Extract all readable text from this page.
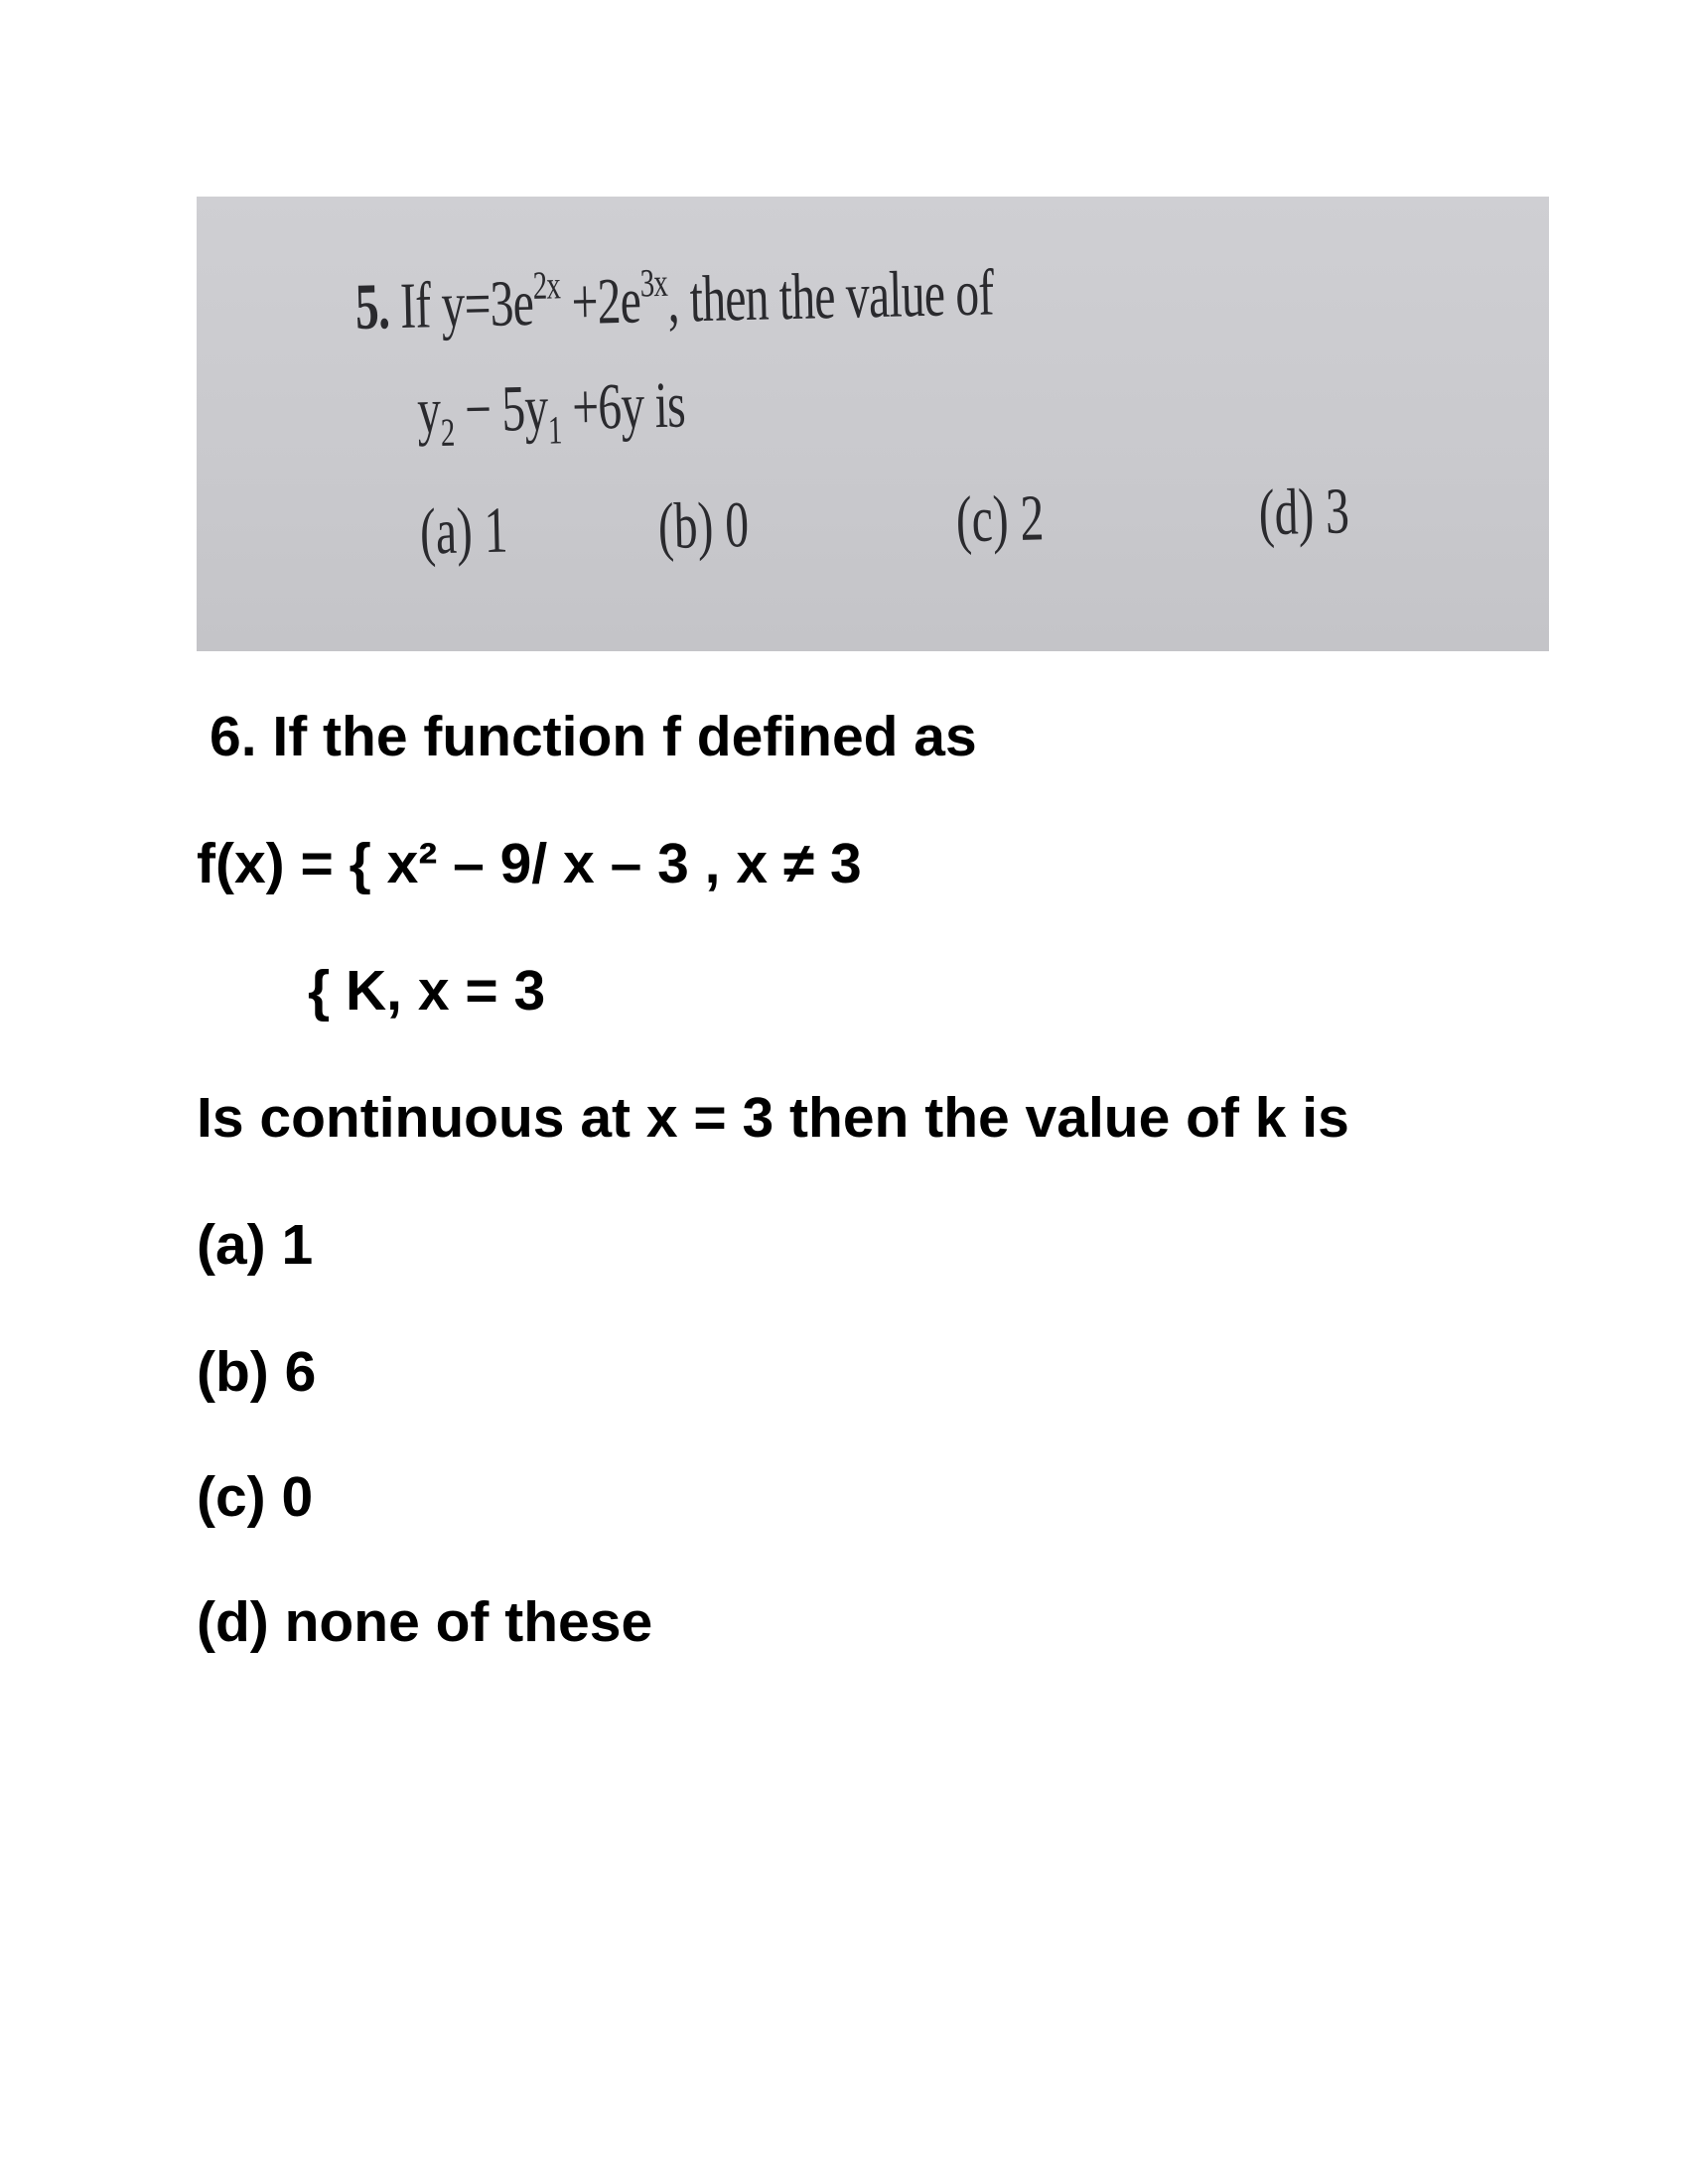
5. If $y=3e^{2x} +2e^{3x}$, then the value of
$y_2 - 5y_1 +6y$ is
(a) 1 (b) 0	(c) 2	(d) 3
6. If the function f defined as
f(x) = { x² – 9/ x – 3 , x ≠ 3
{ K, x = 3
Is continuous at x = 3 then the value of k is
(a) 1
(b) 6
(c) 0
(d) none of these
